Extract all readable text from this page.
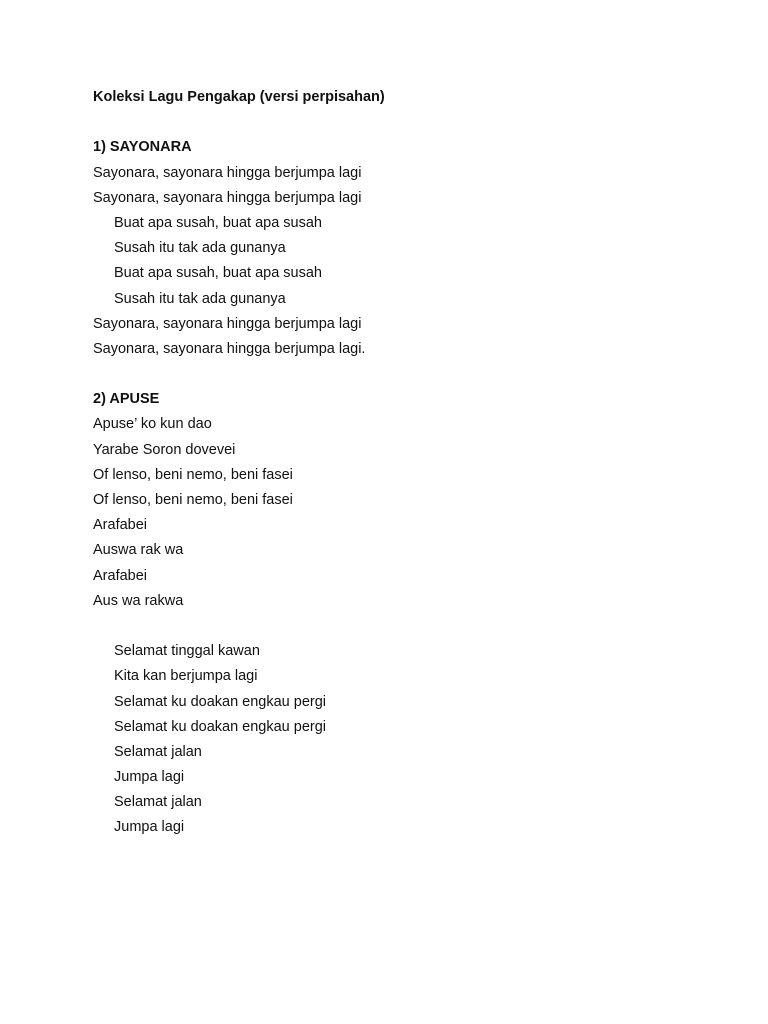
Koleksi Lagu Pengakap (versi perpisahan)
1) SAYONARA
Sayonara, sayonara hingga berjumpa lagi
Sayonara, sayonara hingga berjumpa lagi
Buat apa susah, buat apa susah
Susah itu tak ada gunanya
Buat apa susah, buat apa susah
Susah itu tak ada gunanya
Sayonara, sayonara hingga berjumpa lagi
Sayonara, sayonara hingga berjumpa lagi.
2) APUSE
Apuse’ ko kun dao
Yarabe Soron dovevei
Of lenso, beni nemo, beni fasei
Of lenso, beni nemo, beni fasei
Arafabei
Auswa rak wa
Arafabei
Aus wa rakwa
Selamat tinggal kawan
Kita kan berjumpa lagi
Selamat ku doakan engkau pergi
Selamat ku doakan engkau pergi
Selamat jalan
Jumpa lagi
Selamat jalan
Jumpa lagi
